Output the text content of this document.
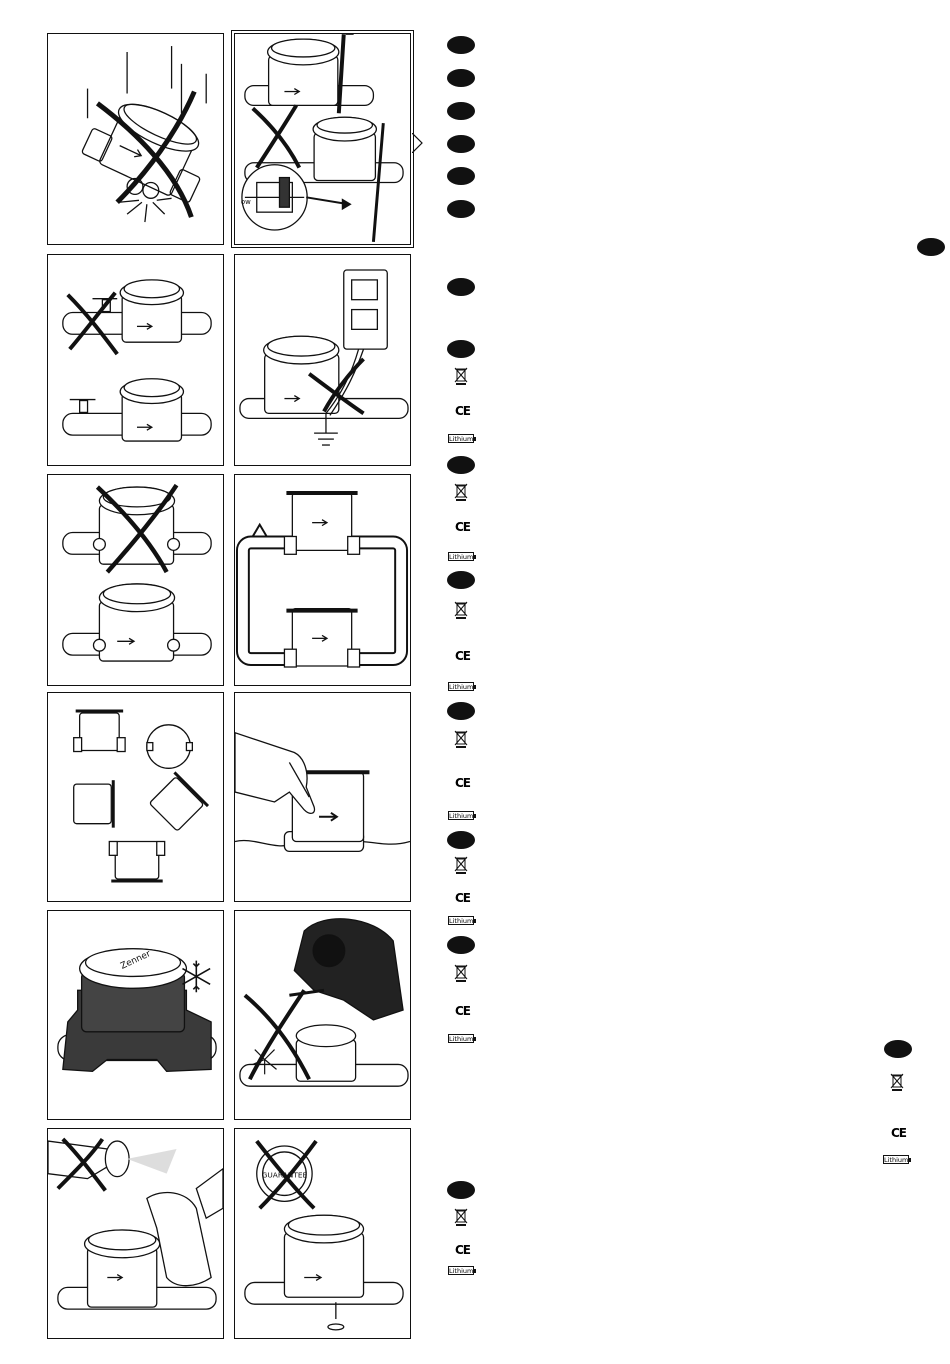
Zenner
ow
GUARANTEE
CE
Lithium
CE
Lithium
CE
Lithium
CE
Lithium
CE
Lithium
CE
Lithium
CE
Lithium
CE
Lithium
